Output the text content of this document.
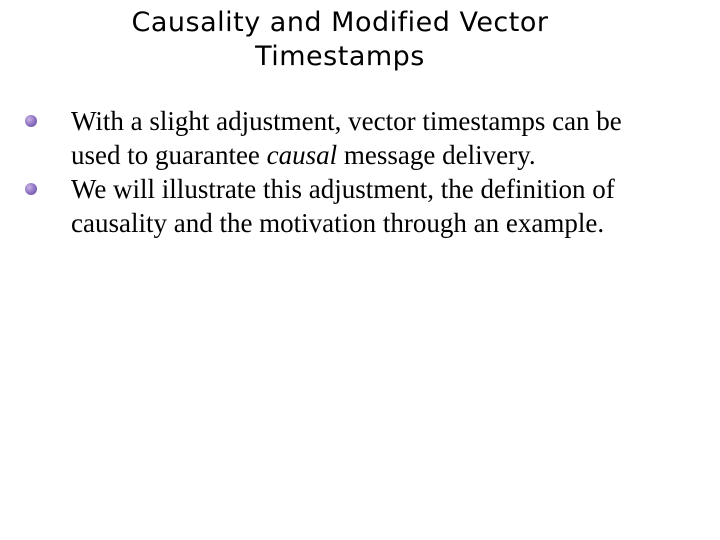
Causality and Modified Vector
Timestamps
With a slight adjustment, vector timestamps can be used to guarantee causal message delivery.
We will illustrate this adjustment, the definition of causality and the motivation through an example.
